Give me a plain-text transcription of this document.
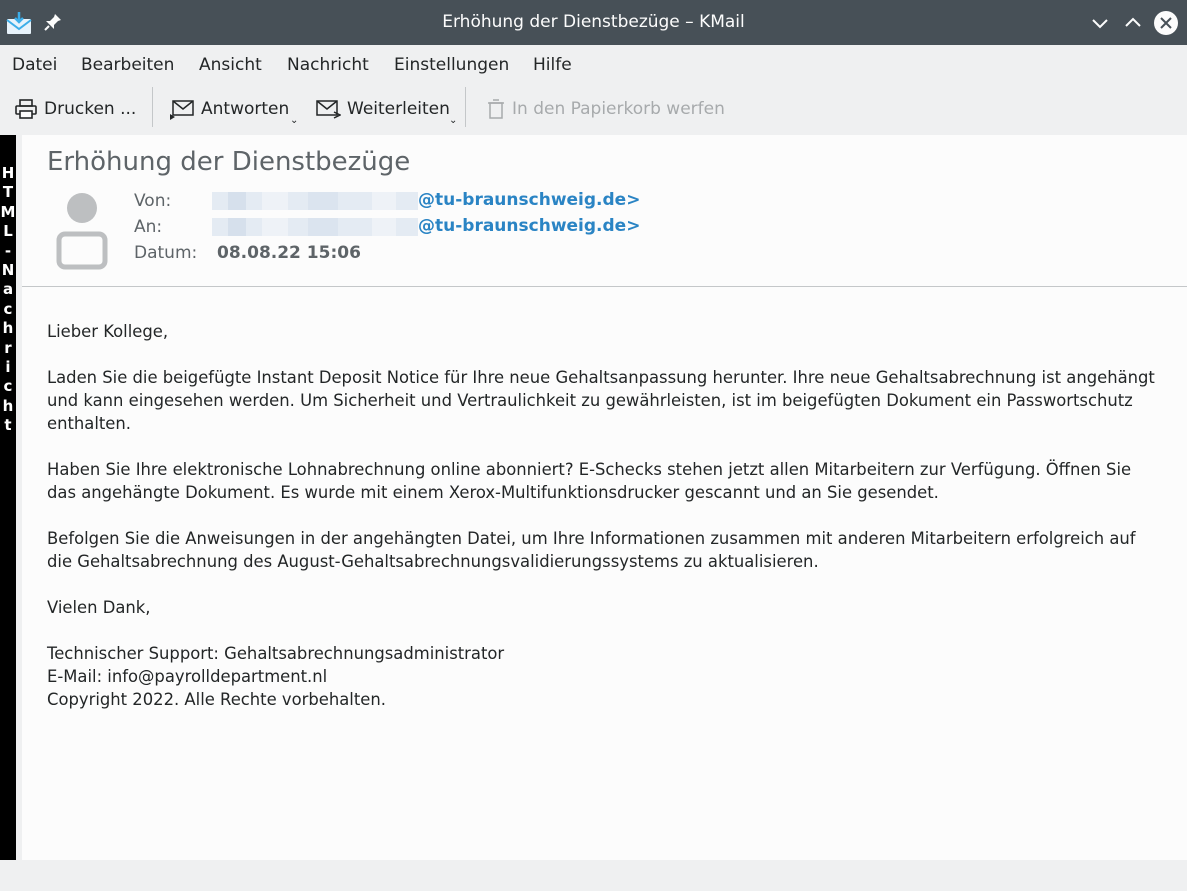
Erhöhung der Dienstbezüge – KMail
Datei Bearbeiten Ansicht Nachricht Einstellungen Hilfe
Drucken ...	Antworten
⌄
Weiterleiten
⌄
In den Papierkorb werfen
H
T
M
L
-
N
a
c
h
r
i
c
h
t
Erhöhung der Dienstbezüge
Von:	@tu-braunschweig.de>
An:	@tu-braunschweig.de>
Datum: 08.08.22 15:06

Lieber Kollege,

Laden Sie die beigefügte Instant Deposit Notice für Ihre neue Gehaltsanpassung herunter. Ihre neue Gehaltsabrechnung ist angehängt und kann eingesehen werden. Um Sicherheit und Vertraulichkeit zu gewährleisten, ist im beigefügten Dokument ein Passwortschutz enthalten.

Haben Sie Ihre elektronische Lohnabrechnung online abonniert? E-Schecks stehen jetzt allen Mitarbeitern zur Verfügung. Öffnen Sie das angehängte Dokument. Es wurde mit einem Xerox-Multifunktionsdrucker gescannt und an Sie gesendet.

Befolgen Sie die Anweisungen in der angehängten Datei, um Ihre Informationen zusammen mit anderen Mitarbeitern erfolgreich auf die Gehaltsabrechnung des August-Gehaltsabrechnungsvalidierungssystems zu aktualisieren.

Vielen Dank,

Technischer Support: Gehaltsabrechnungsadministrator
E-Mail: info@payrolldepartment.nl
Copyright 2022. Alle Rechte vorbehalten.
